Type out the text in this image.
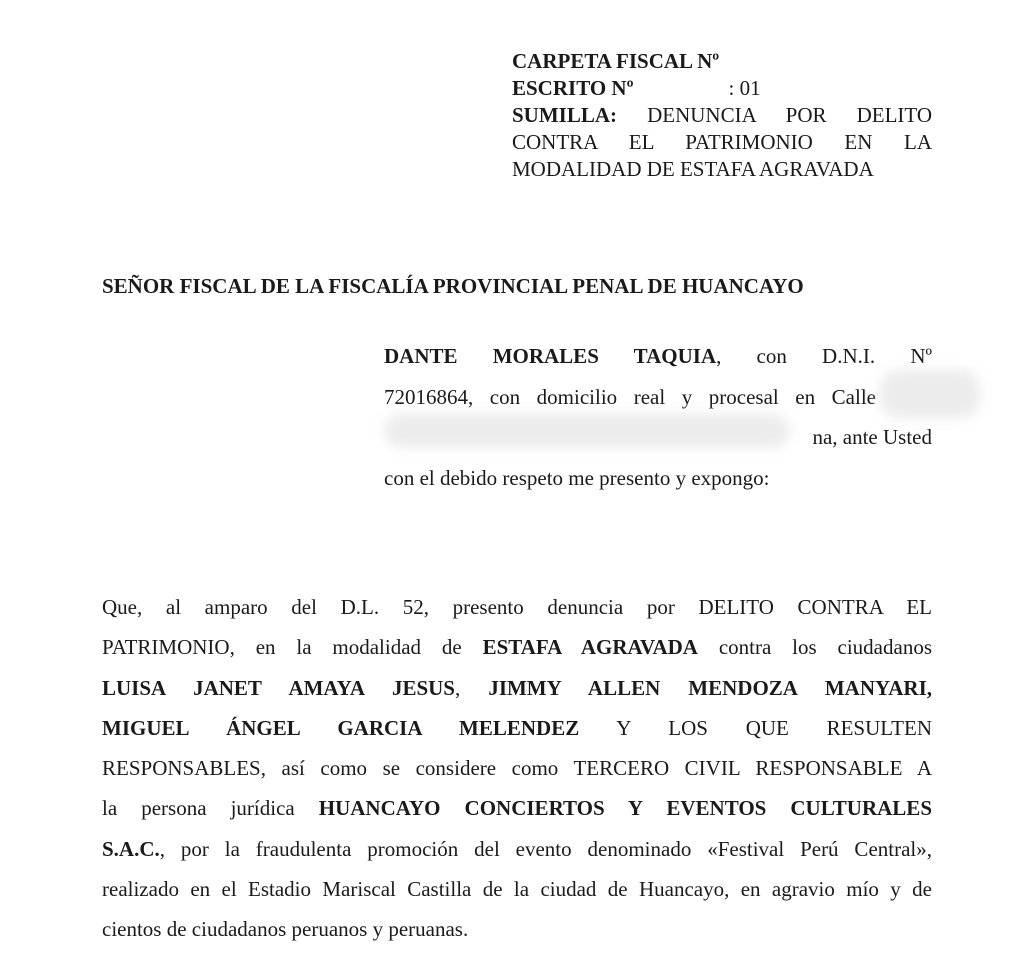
CARPETA FISCAL Nº
ESCRITO Nº	: 01
SUMILLA: DENUNCIA POR DELITO CONTRA EL PATRIMONIO EN LA MODALIDAD DE ESTAFA AGRAVADA
SEÑOR FISCAL DE LA FISCALÍA PROVINCIAL PENAL DE HUANCAYO
DANTE MORALES TAQUIA, con D.N.I. Nº
72016864, con domicilio real y procesal en Calle
na, ante Usted
con el debido respeto me presento y expongo:
Que, al amparo del D.L. 52, presento denuncia por DELITO CONTRA EL
PATRIMONIO, en la modalidad de ESTAFA AGRAVADA contra los ciudadanos
LUISA JANET AMAYA JESUS, JIMMY ALLEN MENDOZA MANYARI,
MIGUEL ÁNGEL GARCIA MELENDEZ Y LOS QUE RESULTEN
RESPONSABLES, así como se considere como TERCERO CIVIL RESPONSABLE A
la persona jurídica HUANCAYO CONCIERTOS Y EVENTOS CULTURALES
S.A.C., por la fraudulenta promoción del evento denominado «Festival Perú Central»,
realizado en el Estadio Mariscal Castilla de la ciudad de Huancayo, en agravio mío y de
cientos de ciudadanos peruanos y peruanas.
